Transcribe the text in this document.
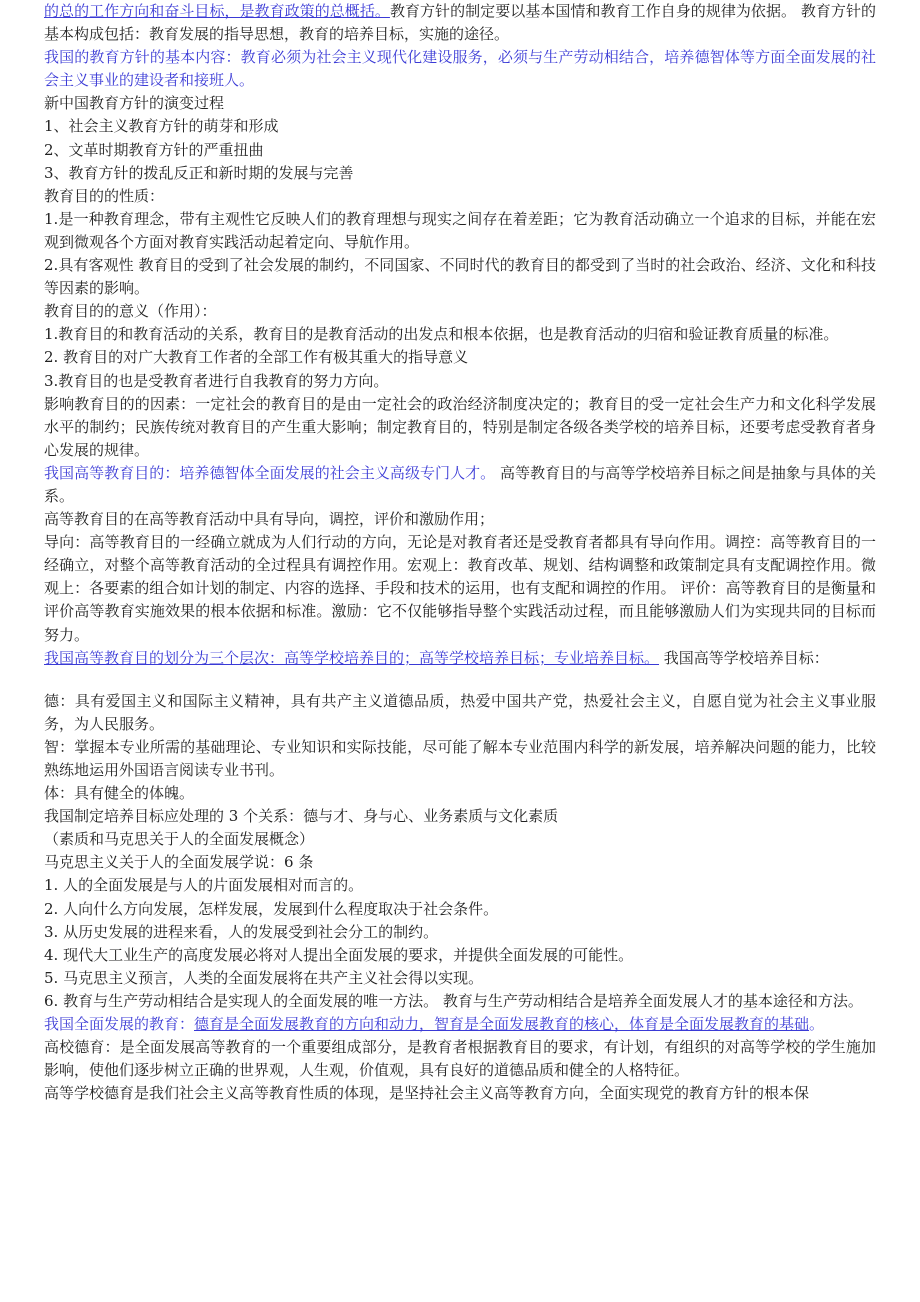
的总的工作方向和奋斗目标，是教育政策的总概括。教育方针的制定要以基本国情和教育工作自身的规律为依据。 教育方针的基本构成包括：教育发展的指导思想，教育的培养目标，实施的途径。

我国的教育方针的基本内容：教育必须为社会主义现代化建设服务，必须与生产劳动相结合，培养德智体等方面全面发展的社会主义事业的建设者和接班人。

新中国教育方针的演变过程

1、社会主义教育方针的萌芽和形成

2、文革时期教育方针的严重扭曲

3、教育方针的拨乱反正和新时期的发展与完善

教育目的的性质：

1.是一种教育理念，带有主观性它反映人们的教育理想与现实之间存在着差距；它为教育活动确立一个追求的目标，并能在宏观到微观各个方面对教育实践活动起着定向、导航作用。

2.具有客观性 教育目的受到了社会发展的制约，不同国家、不同时代的教育目的都受到了当时的社会政治、经济、文化和科技等因素的影响。

教育目的的意义（作用）：

1.教育目的和教育活动的关系，教育目的是教育活动的出发点和根本依据，也是教育活动的归宿和验证教育质量的标准。

2. 教育目的对广大教育工作者的全部工作有极其重大的指导意义

3.教育目的也是受教育者进行自我教育的努力方向。

影响教育目的的因素：一定社会的教育目的是由一定社会的政治经济制度决定的；教育目的受一定社会生产力和文化科学发展水平的制约；民族传统对教育目的产生重大影响；制定教育目的，特别是制定各级各类学校的培养目标，还要考虑受教育者身心发展的规律。

我国高等教育目的：培养德智体全面发展的社会主义高级专门人才。 高等教育目的与高等学校培养目标之间是抽象与具体的关系。

高等教育目的在高等教育活动中具有导向，调控，评价和激励作用；

导向：高等教育目的一经确立就成为人们行动的方向，无论是对教育者还是受教育者都具有导向作用。调控：高等教育目的一经确立，对整个高等教育活动的全过程具有调控作用。宏观上：教育改革、规划、结构调整和政策制定具有支配调控作用。微观上：各要素的组合如计划的制定、内容的选择、手段和技术的运用，也有支配和调控的作用。 评价：高等教育目的是衡量和评价高等教育实施效果的根本依据和标准。激励：它不仅能够指导整个实践活动过程，而且能够激励人们为实现共同的目标而努力。

我国高等教育目的划分为三个层次：高等学校培养目的；高等学校培养目标；专业培养目标。 我国高等学校培养目标：

德：具有爱国主义和国际主义精神，具有共产主义道德品质，热爱中国共产党，热爱社会主义，自愿自觉为社会主义事业服务，为人民服务。

智：掌握本专业所需的基础理论、专业知识和实际技能，尽可能了解本专业范围内科学的新发展，培养解决问题的能力，比较熟练地运用外国语言阅读专业书刊。

体：具有健全的体魄。

我国制定培养目标应处理的 3 个关系：德与才、身与心、业务素质与文化素质

（素质和马克思关于人的全面发展概念）

马克思主义关于人的全面发展学说：6 条

1. 人的全面发展是与人的片面发展相对而言的。

2. 人向什么方向发展，怎样发展，发展到什么程度取决于社会条件。

3. 从历史发展的进程来看，人的发展受到社会分工的制约。

4. 现代大工业生产的高度发展必将对人提出全面发展的要求，并提供全面发展的可能性。

5. 马克思主义预言，人类的全面发展将在共产主义社会得以实现。

6. 教育与生产劳动相结合是实现人的全面发展的唯一方法。 教育与生产劳动相结合是培养全面发展人才的基本途径和方法。

我国全面发展的教育：德育是全面发展教育的方向和动力，智育是全面发展教育的核心，体育是全面发展教育的基础。

高校德育：是全面发展高等教育的一个重要组成部分，是教育者根据教育目的要求，有计划，有组织的对高等学校的学生施加影响，使他们逐步树立正确的世界观，人生观，价值观，具有良好的道德品质和健全的人格特征。

高等学校德育是我们社会主义高等教育性质的体现，是坚持社会主义高等教育方向，全面实现党的教育方针的根本保
